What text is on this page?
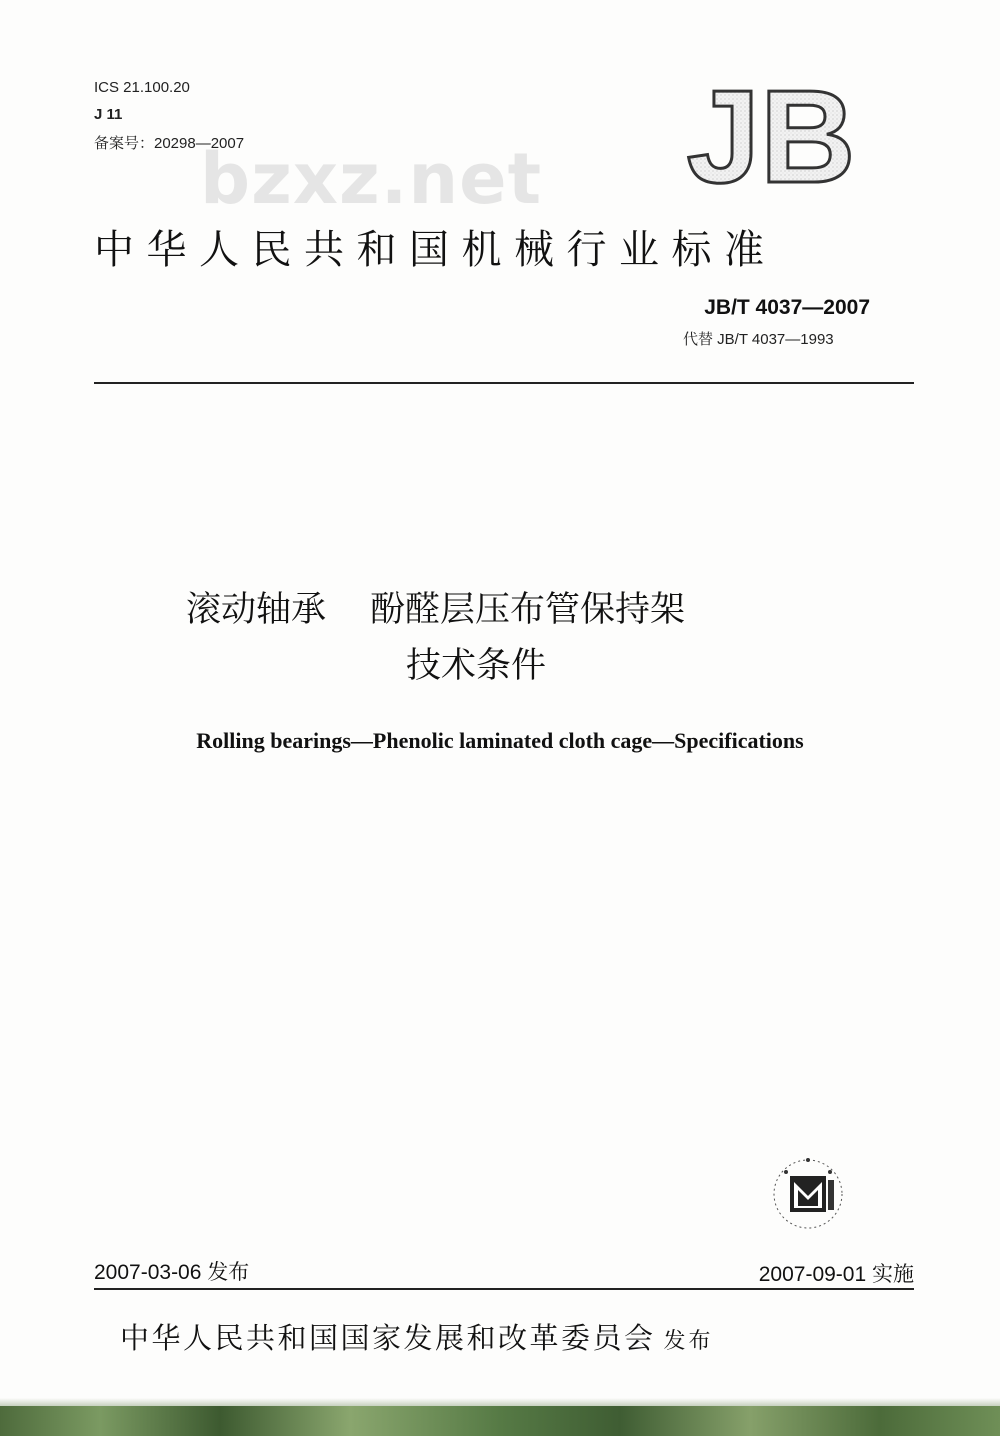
ICS 21.100.20
J 11
备案号：20298—2007	JB
bzxz.net
中华人民共和国机械行业标准
JB/T 4037—2007
代替 JB/T 4037—1993
滚动轴承 酚醛层压布管保持架
技术条件
Rolling bearings—Phenolic laminated cloth cage—Specifications
2007-03-06 发布	2007-09-01 实施
中华人民共和国国家发展和改革委员会 发布
